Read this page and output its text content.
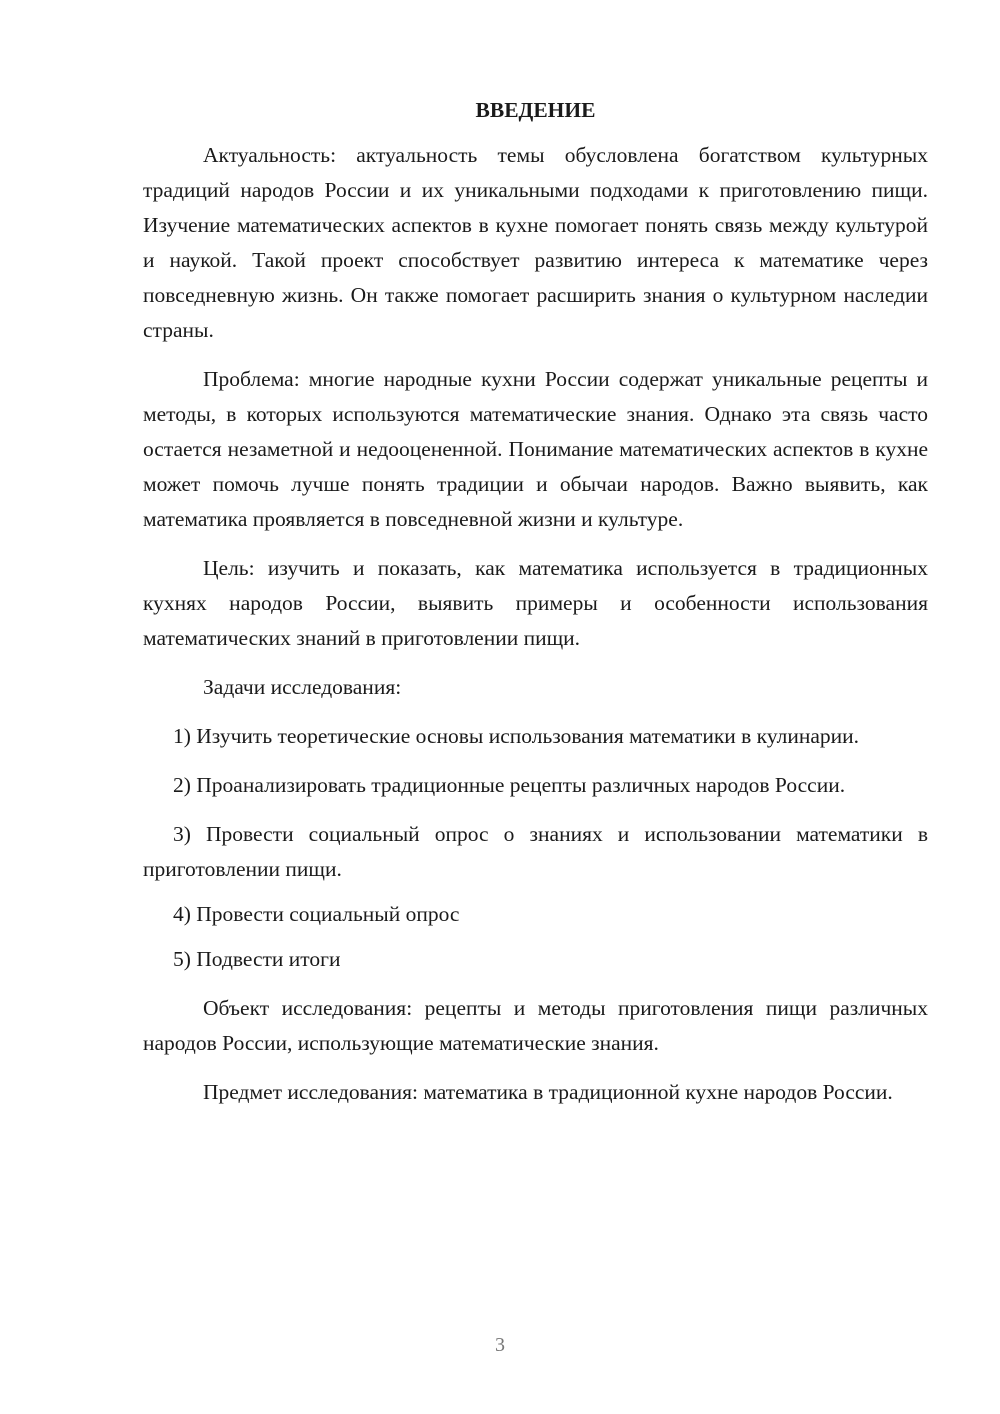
ВВЕДЕНИЕ

Актуальность: актуальность темы обусловлена богатством культурных традиций народов России и их уникальными подходами к приготовлению пищи. Изучение математических аспектов в кухне помогает понять связь между культурой и наукой. Такой проект способствует развитию интереса к математике через повседневную жизнь. Он также помогает расширить знания о культурном наследии страны.

Проблема: многие народные кухни России содержат уникальные рецепты и методы, в которых используются математические знания. Однако эта связь часто остается незаметной и недооцененной. Понимание математических аспектов в кухне может помочь лучше понять традиции и обычаи народов. Важно выявить, как математика проявляется в повседневной жизни и культуре.

Цель: изучить и показать, как математика используется в традиционных кухнях народов России, выявить примеры и особенности использования математических знаний в приготовлении пищи.

Задачи исследования:

1) Изучить теоретические основы использования математики в кулинарии.

2) Проанализировать традиционные рецепты различных народов России.

3) Провести социальный опрос о знаниях и использовании математики в приготовлении пищи.

4) Провести социальный опрос

5) Подвести итоги

Объект исследования: рецепты и методы приготовления пищи различных народов России, использующие математические знания.

Предмет исследования: математика в традиционной кухне народов России.

3
